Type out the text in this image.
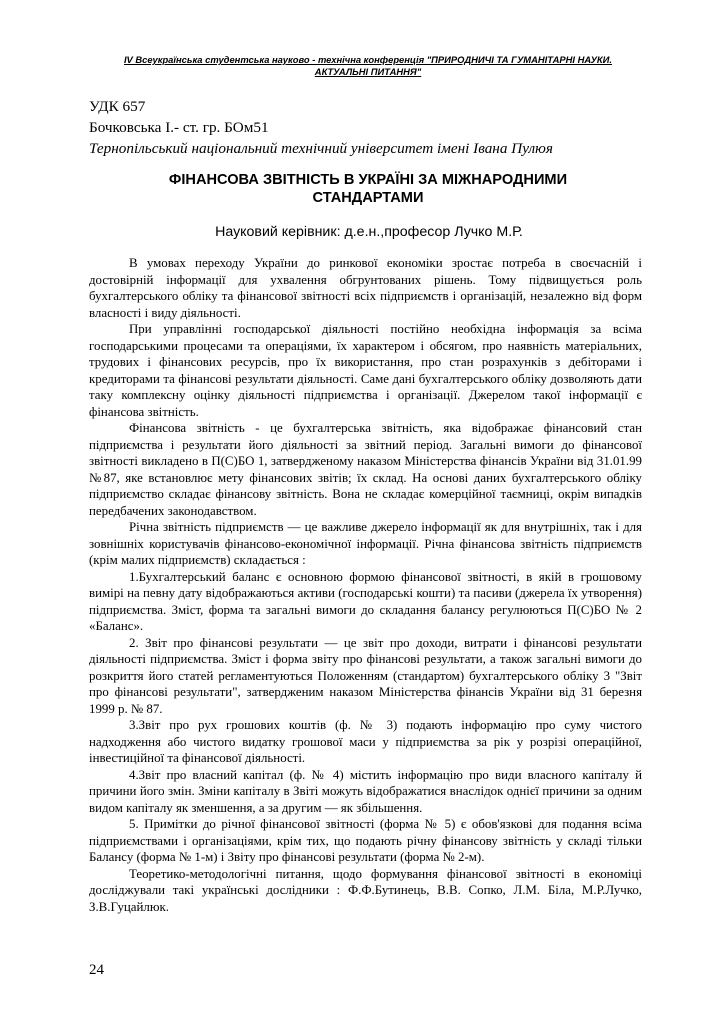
IV Всеукраїнська студентська науково - технічна конференція "ПРИРОДНИЧІ ТА ГУМАНІТАРНІ НАУКИ.
АКТУАЛЬНІ ПИТАННЯ"
УДК 657
Бочковська І.- ст. гр. БОм51
Тернопільський національний технічний університет імені Івана Пулюя
ФІНАНСОВА ЗВІТНІСТЬ В УКРАЇНІ ЗА МІЖНАРОДНИМИ
СТАНДАРТАМИ
Науковий керівник: д.е.н.,професор Лучко М.Р.

В умовах переходу України до ринкової економіки зростає потреба в своєчасній і достовірній інформації для ухвалення обгрунтованих рішень. Тому підвищується роль бухгалтерського обліку та фінансової звітності всіх підприємств і організацій, незалежно від форм власності і виду діяльності.

При управлінні господарської діяльності постійно необхідна інформація за всіма господарськими процесами та операціями, їх характером і обсягом, про наявність матеріальних, трудових і фінансових ресурсів, про їх використання, про стан розрахунків з дебіторами і кредиторами та фінансові результати діяльності. Саме дані бухгалтерського обліку дозволяють дати таку комплексну оцінку діяльності підприємства і організації. Джерелом такої інформації є фінансова звітність.

Фінансова звітність - це бухгалтерська звітність, яка відображає фінансовий стан підприємства і результати його діяльності за звітний період. Загальні вимоги до фінансової звітності викладено в П(С)БО 1, затвердженому наказом Міністерства фінансів України від 31.01.99 №87, яке встановлює мету фінансових звітів; їх склад. На основі даних бухгалтерського обліку підприємство складає фінансову звітність. Вона не складає комерційної таємниці, окрім випадків передбачених законодавством.

Річна звітність підприємств — це важливе джерело інформації як для внутрішніх, так і для зовнішніх користувачів фінансово-економічної інформації. Річна фінансова звітність підприємств (крім малих підприємств) складається :

1.Бухгалтерський баланс є основною формою фінансової звітності, в якій в грошовому вимірі на певну дату відображаються активи (господарські кошти) та пасиви (джерела їх утворення) підприємства. Зміст, форма та загальні вимоги до складання балансу регулюються П(С)БО № 2 «Баланс».

2. Звіт про фінансові результати — це звіт про доходи, витрати і фінансові результати діяльності підприємства. Зміст і форма звіту про фінансові результати, а також загальні вимоги до розкриття його статей регламентуються Положенням (стандартом) бухгалтерського обліку 3 "Звіт про фінансові результати", затвердженим наказом Міністерства фінансів України від 31 березня 1999 р. № 87.

3.Звіт про рух грошових коштів (ф. № 3) подають інформацію про суму чистого надходження або чистого видатку грошової маси у підприємства за рік у розрізі операційної, інвестиційної та фінансової діяльності.

4.Звіт про власний капітал (ф. № 4) містить інформацію про види власного капіталу й причини його змін. Зміни капіталу в Звіті можуть відображатися внаслідок однієї причини за одним видом капіталу як зменшення, а за другим — як збільшення.

5. Примітки до річної фінансової звітності (форма № 5) є обов'язкові для подання всіма підприємствами і організаціями, крім тих, що подають річну фінансову звітність у складі тільки Балансу (форма № 1-м) і Звіту про фінансові результати (форма № 2-м).

Теоретико-методологічні питання, щодо формування фінансової звітності в економіці досліджували такі українські дослідники : Ф.Ф.Бутинець, В.В. Сопко, Л.М. Біла, М.Р.Лучко, З.В.Гуцайлюк.

24
